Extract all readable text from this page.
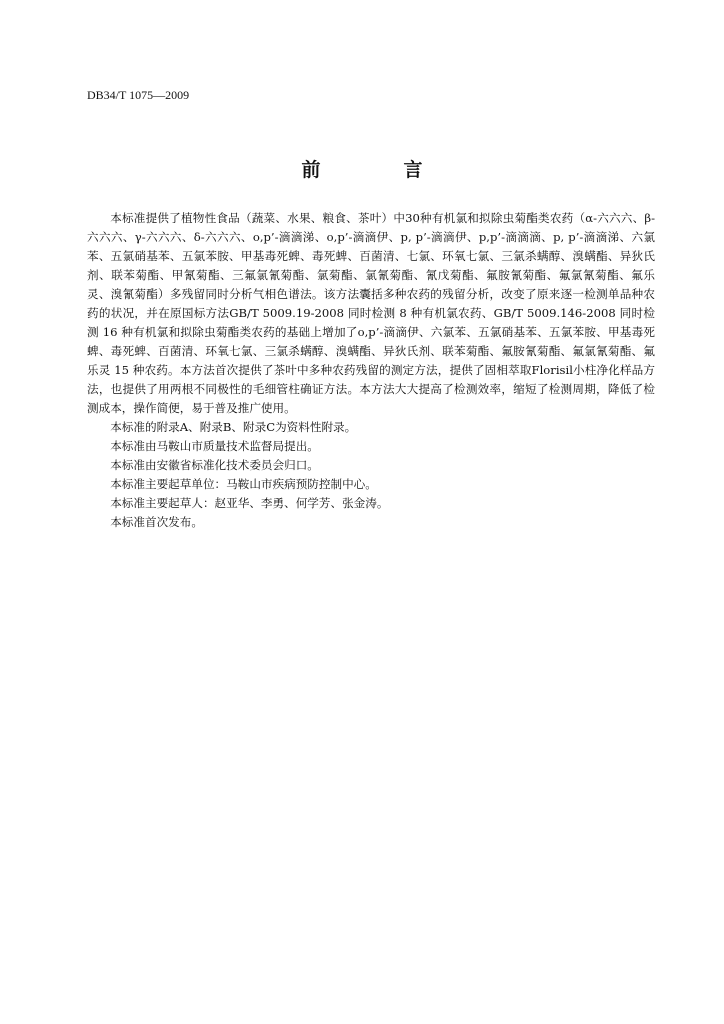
DB34/T 1075—2009
前　言

本标准提供了植物性食品（蔬菜、水果、粮食、茶叶）中30种有机氯和拟除虫菊酯类农药（α-六六六、β-六六六、γ-六六六、δ-六六六、o,p’-滴滴涕、o,p’-滴滴伊、p, p’-滴滴伊、p,p’-滴滴滴、p, p’-滴滴涕、六氯苯、五氯硝基苯、五氯苯胺、甲基毒死蜱、毒死蜱、百菌清、七氯、环氧七氯、三氯杀螨醇、溴螨酯、异狄氏剂、联苯菊酯、甲氰菊酯、三氟氯氰菊酯、氯菊酯、氯氰菊酯、氰戊菊酯、氟胺氰菊酯、氟氯氰菊酯、氟乐灵、溴氰菊酯）多残留同时分析气相色谱法。该方法囊括多种农药的残留分析，改变了原来逐一检测单品种农药的状况，并在原国标方法GB/T 5009.19-2008 同时检测 8 种有机氯农药、GB/T 5009.146-2008 同时检测 16 种有机氯和拟除虫菊酯类农药的基础上增加了o,p’-滴滴伊、六氯苯、五氯硝基苯、五氯苯胺、甲基毒死蜱、毒死蜱、百菌清、环氧七氯、三氯杀螨醇、溴螨酯、异狄氏剂、联苯菊酯、氟胺氰菊酯、氟氯氰菊酯、氟乐灵 15 种农药。本方法首次提供了茶叶中多种农药残留的测定方法，提供了固相萃取Florisil小柱净化样品方法，也提供了用两根不同极性的毛细管柱确证方法。本方法大大提高了检测效率，缩短了检测周期，降低了检测成本，操作简便，易于普及推广使用。

本标准的附录A、附录B、附录C为资料性附录。

本标准由马鞍山市质量技术监督局提出。

本标准由安徽省标准化技术委员会归口。

本标准主要起草单位：马鞍山市疾病预防控制中心。

本标准主要起草人：赵亚华、李勇、何学芳、张金涛。

本标准首次发布。
